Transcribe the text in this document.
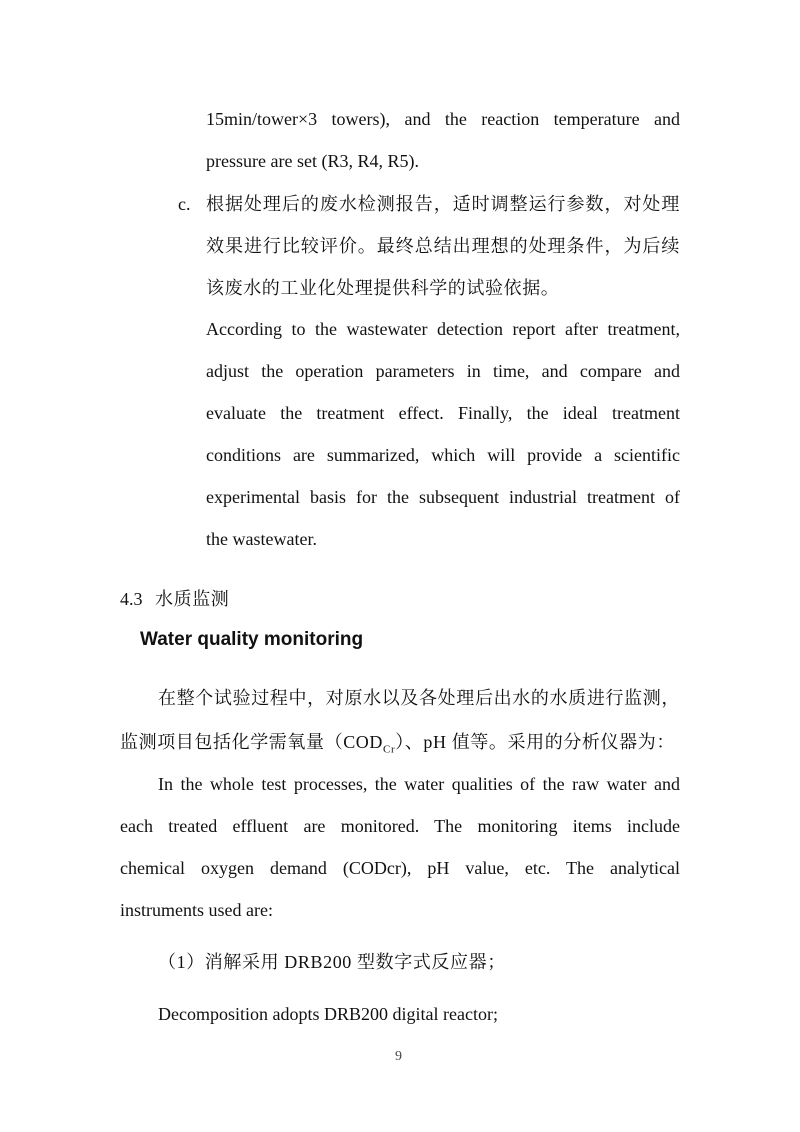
15min/tower×3 towers), and the reaction temperature and
pressure are set (R3, R4, R5).
c. 根据处理后的废水检测报告，适时调整运行参数，对处理
效果进行比较评价。最终总结出理想的处理条件，为后续
该废水的工业化处理提供科学的试验依据。
According to the wastewater detection report after treatment,
adjust the operation parameters in time, and compare and
evaluate the treatment effect. Finally, the ideal treatment
conditions are summarized, which will provide a scientific
experimental basis for the subsequent industrial treatment of
the wastewater.
4.3 水质监测
Water quality monitoring
在整个试验过程中，对原水以及各处理后出水的水质进行监测，
监测项目包括化学需氧量$(COD_{Cr})$、pH 值等。采用的分析仪器为：
In the whole test processes, the water qualities of the raw water and
each treated effluent are monitored. The monitoring items include
chemical oxygen demand (CODcr), pH value, etc. The analytical
instruments used are:
（1）消解采用 DRB200 型数字式反应器；
Decomposition adopts DRB200 digital reactor;
9
